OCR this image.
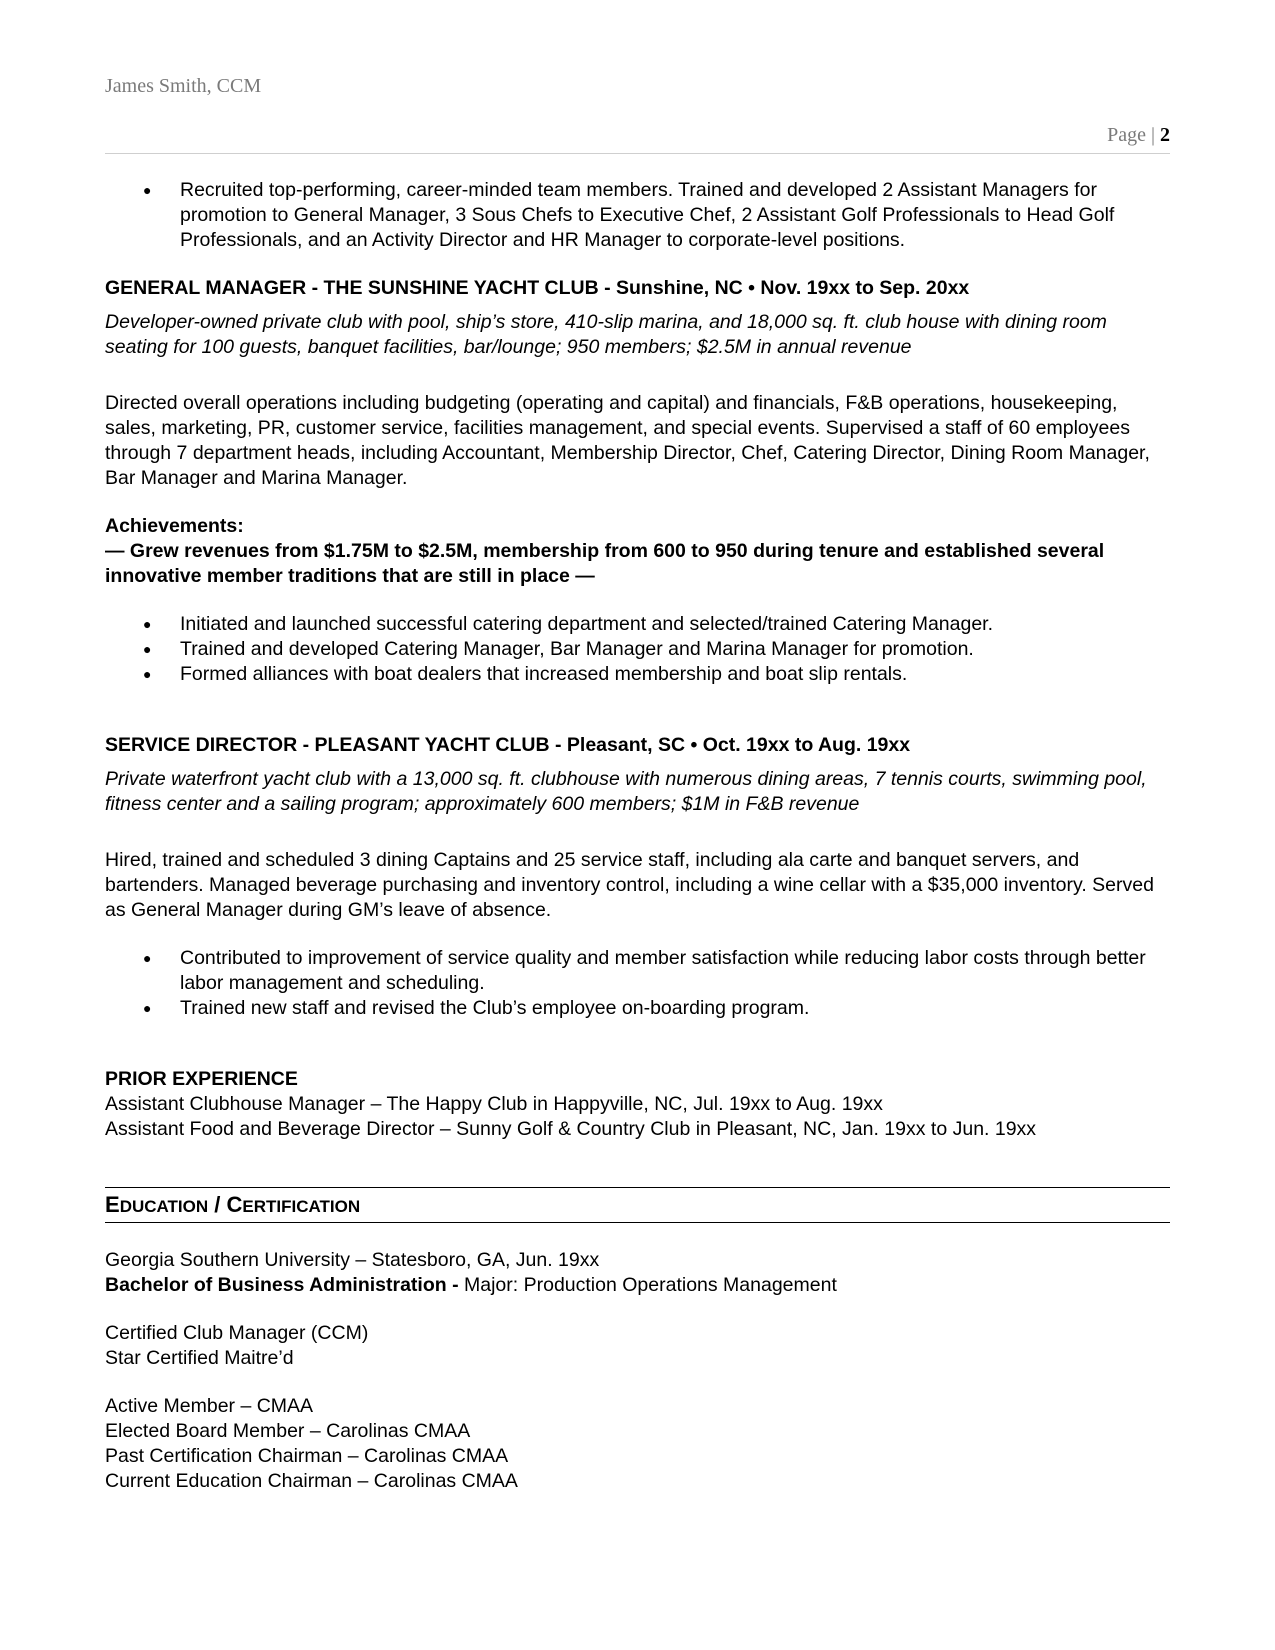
James Smith, CCM
Page | 2
● Recruited top-performing, career-minded team members. Trained and developed 2 Assistant Managers for promotion to General Manager, 3 Sous Chefs to Executive Chef, 2 Assistant Golf Professionals to Head Golf Professionals, and an Activity Director and HR Manager to corporate-level positions.

GENERAL MANAGER - THE SUNSHINE YACHT CLUB - Sunshine, NC • Nov. 19xx to Sep. 20xx

Developer-owned private club with pool, ship’s store, 410-slip marina, and 18,000 sq. ft. club house with dining room seating for 100 guests, banquet facilities, bar/lounge; 950 members; $2.5M in annual revenue

Directed overall operations including budgeting (operating and capital) and financials, F&B operations, housekeeping, sales, marketing, PR, customer service, facilities management, and special events. Supervised a staff of 60 employees through 7 department heads, including Accountant, Membership Director, Chef, Catering Director, Dining Room Manager, Bar Manager and Marina Manager.

Achievements:

— Grew revenues from $1.75M to $2.5M, membership from 600 to 950 during tenure and established several innovative member traditions that are still in place —

● Initiated and launched successful catering department and selected/trained Catering Manager.
● Trained and developed Catering Manager, Bar Manager and Marina Manager for promotion.
● Formed alliances with boat dealers that increased membership and boat slip rentals.

SERVICE DIRECTOR - PLEASANT YACHT CLUB - Pleasant, SC • Oct. 19xx to Aug. 19xx

Private waterfront yacht club with a 13,000 sq. ft. clubhouse with numerous dining areas, 7 tennis courts, swimming pool, fitness center and a sailing program; approximately 600 members; $1M in F&B revenue

Hired, trained and scheduled 3 dining Captains and 25 service staff, including ala carte and banquet servers, and bartenders. Managed beverage purchasing and inventory control, including a wine cellar with a $35,000 inventory. Served as General Manager during GM’s leave of absence.

● Contributed to improvement of service quality and member satisfaction while reducing labor costs through better labor management and scheduling.
● Trained new staff and revised the Club’s employee on-boarding program.

PRIOR EXPERIENCE

Assistant Clubhouse Manager – The Happy Club in Happyville, NC, Jul. 19xx to Aug. 19xx

Assistant Food and Beverage Director – Sunny Golf & Country Club in Pleasant, NC, Jan. 19xx to Jun. 19xx

EDUCATION / CERTIFICATION

Georgia Southern University – Statesboro, GA, Jun. 19xx

Bachelor of Business Administration - Major: Production Operations Management

Certified Club Manager (CCM)

Star Certified Maitre’d

Active Member – CMAA

Elected Board Member – Carolinas CMAA

Past Certification Chairman – Carolinas CMAA

Current Education Chairman – Carolinas CMAA
